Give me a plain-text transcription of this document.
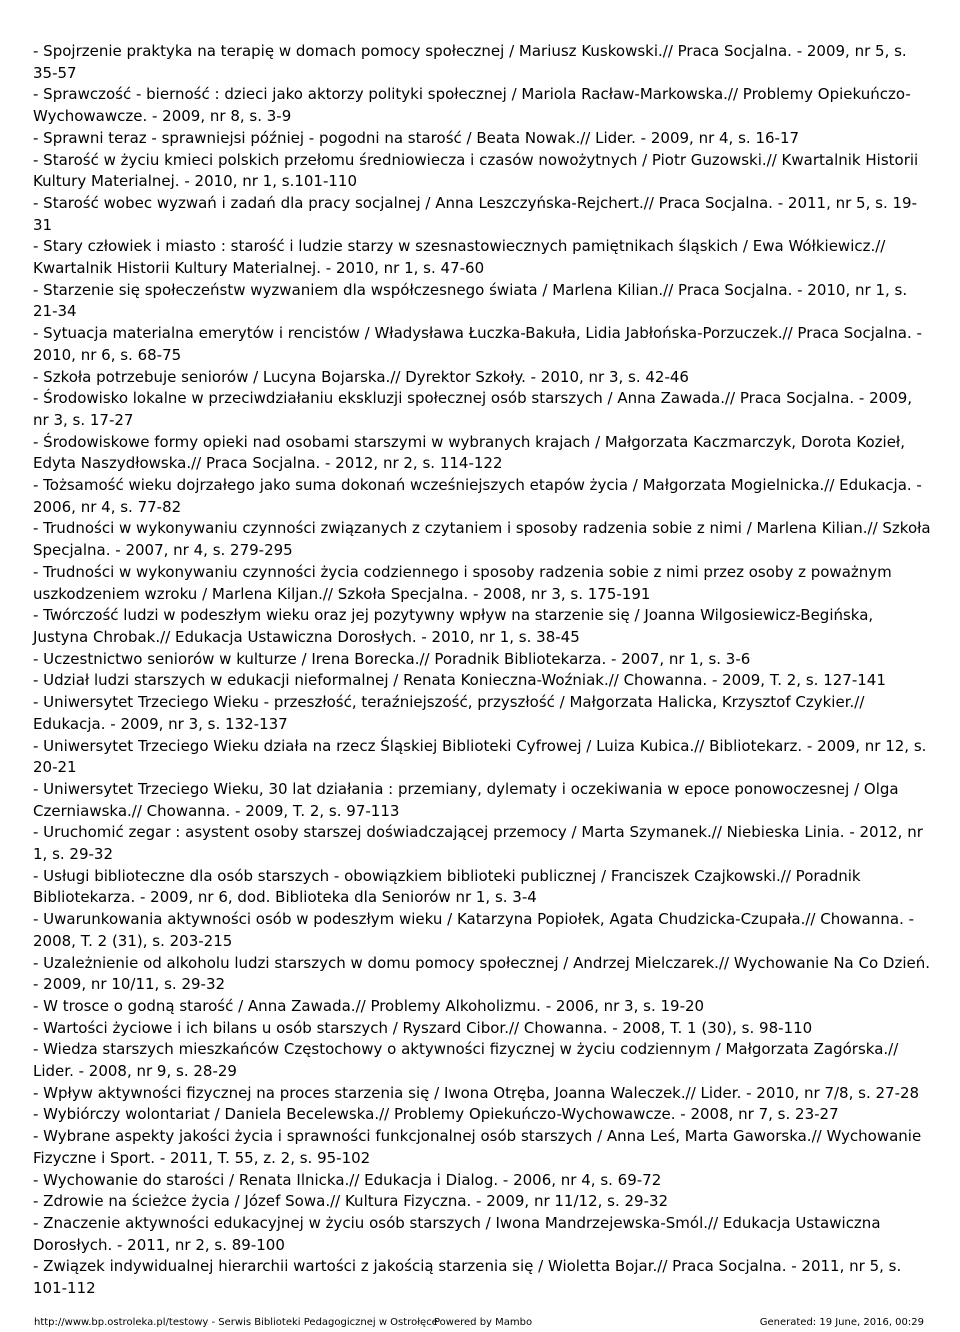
- Spojrzenie praktyka na terapię w domach pomocy społecznej / Mariusz Kuskowski.// Praca Socjalna. - 2009, nr 5, s. 35-57
- Sprawczość - bierność : dzieci jako aktorzy polityki społecznej / Mariola Racław-Markowska.// Problemy Opiekuńczo-Wychowawcze. - 2009, nr 8, s. 3-9
- Sprawni teraz - sprawniejsi później - pogodni na starość / Beata Nowak.// Lider. - 2009, nr 4, s. 16-17
- Starość w życiu kmieci polskich przełomu średniowiecza i czasów nowożytnych / Piotr Guzowski.// Kwartalnik Historii Kultury Materialnej. - 2010, nr 1, s.101-110
- Starość wobec wyzwań i zadań dla pracy socjalnej / Anna Leszczyńska-Rejchert.// Praca Socjalna. - 2011, nr 5, s. 19-31
- Stary człowiek i miasto : starość i ludzie starzy w szesnastowiecznych pamiętnikach śląskich / Ewa Wółkiewicz.// Kwartalnik Historii Kultury Materialnej. - 2010, nr 1, s. 47-60
- Starzenie się społeczeństw wyzwaniem dla współczesnego świata / Marlena Kilian.// Praca Socjalna. - 2010, nr 1, s. 21-34
- Sytuacja materialna emerytów i rencistów / Władysława Łuczka-Bakuła, Lidia Jabłońska-Porzuczek.// Praca Socjalna. - 2010, nr 6, s. 68-75
- Szkoła potrzebuje seniorów / Lucyna Bojarska.// Dyrektor Szkoły. - 2010, nr 3, s. 42-46
- Środowisko lokalne w przeciwdziałaniu ekskluzji społecznej osób starszych / Anna Zawada.// Praca Socjalna. - 2009, nr 3, s. 17-27
- Środowiskowe formy opieki nad osobami starszymi w wybranych krajach / Małgorzata Kaczmarczyk, Dorota Kozieł, Edyta Naszydłowska.// Praca Socjalna. - 2012, nr 2, s. 114-122
- Tożsamość wieku dojrzałego jako suma dokonań wcześniejszych etapów życia / Małgorzata Mogielnicka.// Edukacja. - 2006, nr 4, s. 77-82
- Trudności w wykonywaniu czynności związanych z czytaniem i sposoby radzenia sobie z nimi / Marlena Kilian.// Szkoła Specjalna. - 2007, nr 4, s. 279-295
- Trudności w wykonywaniu czynności życia codziennego i sposoby radzenia sobie z nimi przez osoby z poważnym uszkodzeniem wzroku / Marlena Kiljan.// Szkoła Specjalna. - 2008, nr 3, s. 175-191
- Twórczość ludzi w podeszłym wieku oraz jej pozytywny wpływ na starzenie się / Joanna Wilgosiewicz-Begińska, Justyna Chrobak.// Edukacja Ustawiczna Dorosłych. - 2010, nr 1, s. 38-45
- Uczestnictwo seniorów w kulturze / Irena Borecka.// Poradnik Bibliotekarza. - 2007, nr 1, s. 3-6
- Udział ludzi starszych w edukacji nieformalnej / Renata Konieczna-Woźniak.// Chowanna. - 2009, T. 2, s. 127-141
- Uniwersytet Trzeciego Wieku - przeszłość, teraźniejszość, przyszłość / Małgorzata Halicka, Krzysztof Czykier.// Edukacja. - 2009, nr 3, s. 132-137
- Uniwersytet Trzeciego Wieku działa na rzecz Śląskiej Biblioteki Cyfrowej / Luiza Kubica.// Bibliotekarz. - 2009, nr 12, s. 20-21
- Uniwersytet Trzeciego Wieku, 30 lat działania : przemiany, dylematy i oczekiwania w epoce ponowoczesnej / Olga Czerniawska.// Chowanna. - 2009, T. 2, s. 97-113
- Uruchomić zegar : asystent osoby starszej doświadczającej przemocy / Marta Szymanek.// Niebieska Linia. - 2012, nr 1, s. 29-32
- Usługi biblioteczne dla osób starszych - obowiązkiem biblioteki publicznej / Franciszek Czajkowski.// Poradnik Bibliotekarza. - 2009, nr 6, dod. Biblioteka dla Seniorów nr 1, s. 3-4
- Uwarunkowania aktywności osób w podeszłym wieku / Katarzyna Popiołek, Agata Chudzicka-Czupała.// Chowanna. - 2008, T. 2 (31), s. 203-215
- Uzależnienie od alkoholu ludzi starszych w domu pomocy społecznej / Andrzej Mielczarek.// Wychowanie Na Co Dzień. - 2009, nr 10/11, s. 29-32
- W trosce o godną starość / Anna Zawada.// Problemy Alkoholizmu. - 2006, nr 3, s. 19-20
- Wartości życiowe i ich bilans u osób starszych / Ryszard Cibor.// Chowanna. - 2008, T. 1 (30), s. 98-110
- Wiedza starszych mieszkańców Częstochowy o aktywności fizycznej w życiu codziennym / Małgorzata Zagórska.// Lider. - 2008, nr 9, s. 28-29
- Wpływ aktywności fizycznej na proces starzenia się / Iwona Otręba, Joanna Waleczek.// Lider. - 2010, nr 7/8, s. 27-28
- Wybiórczy wolontariat / Daniela Becelewska.// Problemy Opiekuńczo-Wychowawcze. - 2008, nr 7, s. 23-27
- Wybrane aspekty jakości życia i sprawności funkcjonalnej osób starszych / Anna Leś, Marta Gaworska.// Wychowanie Fizyczne i Sport. - 2011, T. 55, z. 2, s. 95-102
- Wychowanie do starości / Renata Ilnicka.// Edukacja i Dialog. - 2006, nr 4, s. 69-72
- Zdrowie na ścieżce życia / Józef Sowa.// Kultura Fizyczna. - 2009, nr 11/12, s. 29-32
- Znaczenie aktywności edukacyjnej w życiu osób starszych / Iwona Mandrzejewska-Smól.// Edukacja Ustawiczna Dorosłych. - 2011, nr 2, s. 89-100
- Związek indywidualnej hierarchii wartości z jakością starzenia się / Wioletta Bojar.// Praca Socjalna. - 2011, nr 5, s. 101-112
http://www.bp.ostroleka.pl/testowy - Serwis Biblioteki Pedagogicznej w Ostrołęce
Powered by Mambo	Generated: 19 June, 2016, 00:29
